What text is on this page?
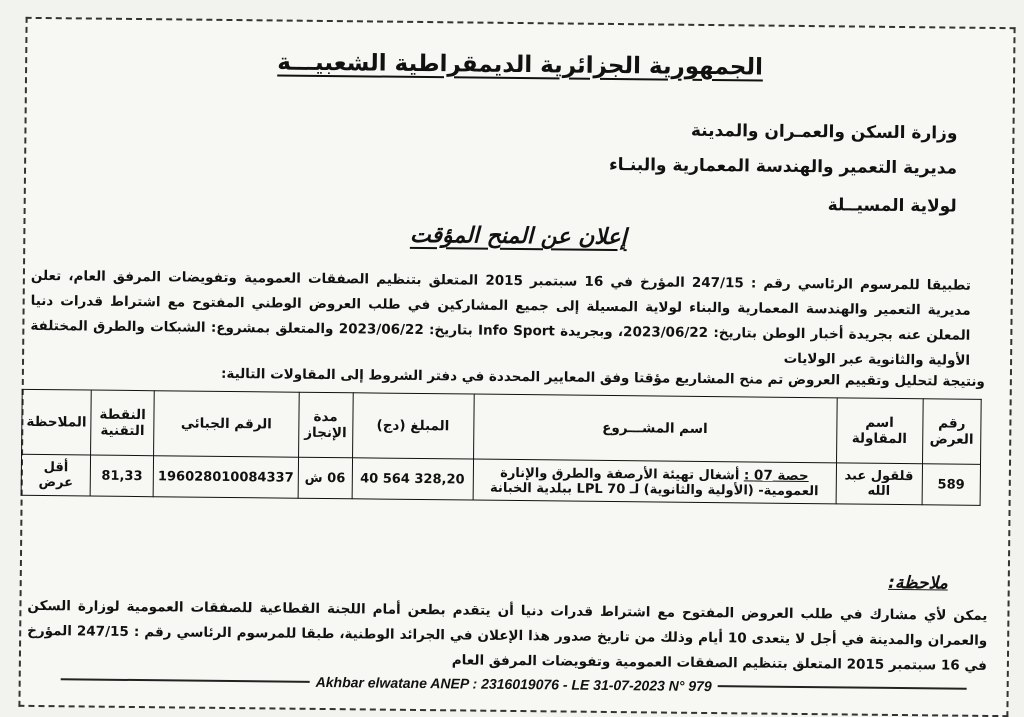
الجمهورية الجزائرية الديمقراطية الشعبيـــة
وزارة السكن والعمـران والمدينة
مديرية التعمير والهندسة المعمارية والبنـاء
لولاية المسيــلة
إعلان عن المنح المؤقت
تطبيقا للمرسوم الرئاسي رقم : 247/15 المؤرخ في 16 سبتمبر 2015 المتعلق بتنظيم الصفقات العمومية وتفويضات المرفق العام، تعلن مديرية التعمير والهندسة المعمارية والبناء لولاية المسيلة إلى جميع المشاركين في طلب العروض الوطني المفتوح مع اشتراط قدرات دنيا المعلن عنه بجريدة أخبار الوطن بتاريخ: 2023/06/22، وبجريدة Info Sport بتاريخ: 2023/06/22 والمتعلق بمشروع: الشبكات والطرق المختلفة الأولية والثانوية عبر الولايات
ونتيجة لتحليل وتقييم العروض تم منح المشاريع مؤقتا وفق المعايير المحددة في دفتر الشروط إلى المقاولات التالية:
رقم العرض	اسم المقاولة	اسم المشـــروع	المبلغ (دج)	مدة الإنجاز	الرقم الجبائي	النقطة التقنية	الملاحظة
589	قلقول عبد الله	حصة 07 : أشغال تهيئة الأرصفة والطرق والإنارة العمومية- (الأولية والثانوية) لـ LPL 70 ببلدية الخبانة	40 564 328,20	06 ش	196028010084337	81,33	أقل عرض
ملاحظة:
يمكن لأي مشارك في طلب العروض المفتوح مع اشتراط قدرات دنيا أن يتقدم بطعن أمام اللجنة القطاعية للصفقات العمومية لوزارة السكن والعمران والمدينة في أجل لا يتعدى 10 أيام وذلك من تاريخ صدور هذا الإعلان في الجرائد الوطنية، طبقا للمرسوم الرئاسي رقم : 247/15 المؤرخ في 16 سبتمبر 2015 المتعلق بتنظيم الصفقات العمومية وتفويضات المرفق العام
Akhbar elwatane ANEP : 2316019076 - LE 31-07-2023 N° 979
